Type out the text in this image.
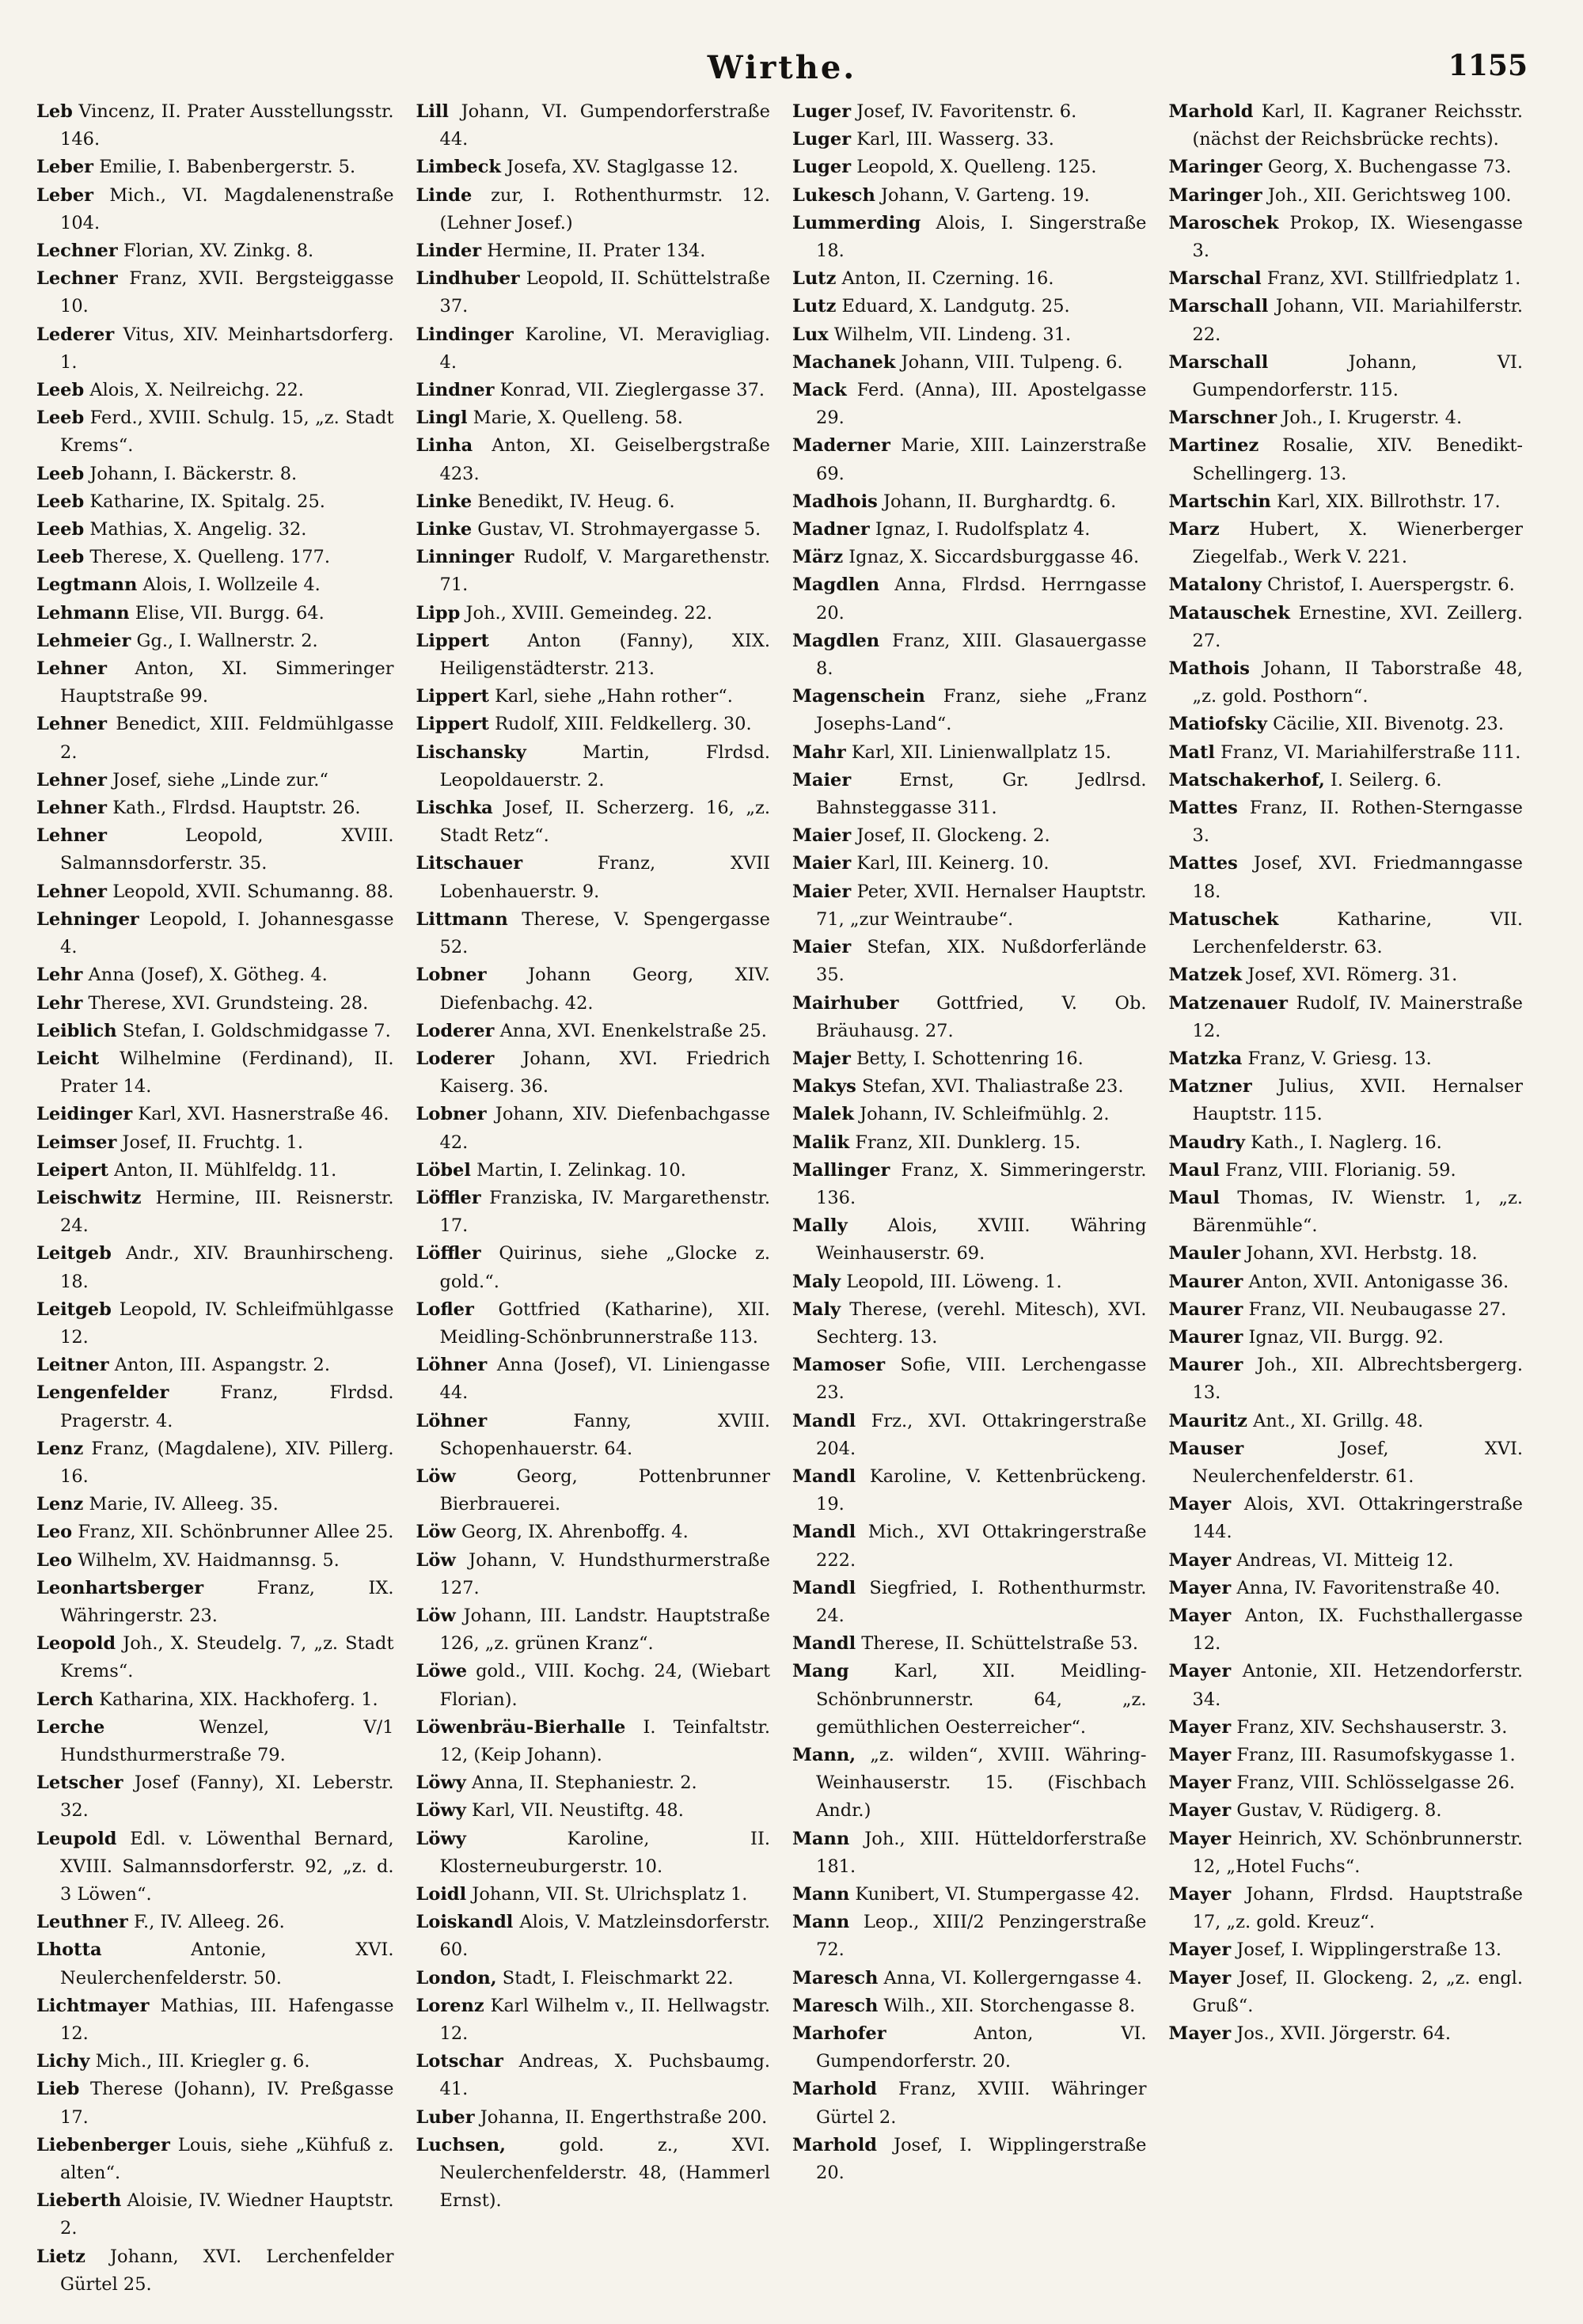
Wirthe.	1155

Leb Vincenz, II. Prater Ausstellungsstr. 146.

Leber Emilie, I. Babenbergerstr. 5.

Leber Mich., VI. Magdalenenstraße 104.

Lechner Florian, XV. Zinkg. 8.

Lechner Franz, XVII. Bergsteiggasse 10.

Lederer Vitus, XIV. Meinhartsdorferg. 1.

Leeb Alois, X. Neilreichg. 22.

Leeb Ferd., XVIII. Schulg. 15, „z. Stadt Krems“.

Leeb Johann, I. Bäckerstr. 8.

Leeb Katharine, IX. Spitalg. 25.

Leeb Mathias, X. Angelig. 32.

Leeb Therese, X. Quelleng. 177.

Legtmann Alois, I. Wollzeile 4.

Lehmann Elise, VII. Burgg. 64.

Lehmeier Gg., I. Wallnerstr. 2.

Lehner Anton, XI. Simmeringer Hauptstraße 99.

Lehner Benedict, XIII. Feldmühlgasse 2.

Lehner Josef, siehe „Linde zur.“

Lehner Kath., Flrdsd. Hauptstr. 26.

Lehner	Leopold, XVIII. Salmannsdorferstr. 35.

Lehner Leopold, XVII. Schumanng. 88.

Lehninger Leopold, I. Johannesgasse 4.

Lehr Anna (Josef), X. Götheg. 4.

Lehr Therese, XVI. Grundsteing. 28.

Leiblich Stefan, I. Goldschmidgasse 7.

Leicht Wilhelmine (Ferdinand), II. Prater 14.

Leidinger Karl, XVI. Hasnerstraße 46.

Leimser Josef, II. Fruchtg. 1.

Leipert Anton, II. Mühlfeldg. 11.

Leischwitz Hermine, III. Reisnerstr. 24.

Leitgeb Andr., XIV. Braunhirscheng. 18.

Leitgeb Leopold, IV. Schleifmühlgasse 12.

Leitner Anton, III. Aspangstr. 2.

Lengenfelder	Franz, Flrdsd. Pragerstr. 4.

Lenz Franz, (Magdalene), XIV. Pillerg. 16.

Lenz Marie, IV. Alleeg. 35.

Leo Franz, XII. Schönbrunner Allee 25.

Leo Wilhelm, XV. Haidmannsg. 5.

Leonhartsberger	Franz, IX. Währingerstr. 23.

Leopold Joh., X. Steudelg. 7, „z. Stadt Krems“.

Lerch Katharina, XIX. Hackhoferg. 1.

Lerche	Wenzel, V/1 Hundsthurmerstraße 79.

Letscher Josef (Fanny), XI. Leberstr. 32.

Leupold Edl. v. Löwenthal Bernard, XVIII. Salmannsdorferstr. 92, „z. d. 3 Löwen“.

Leuthner F., IV. Alleeg. 26.

Lhotta	Antonie, XVI. Neulerchenfelderstr. 50.

Lichtmayer Mathias, III. Hafengasse 12.

Lichy Mich., III. Kriegler g. 6.

Lieb Therese (Johann), IV. Preßgasse 17.

Liebenberger Louis, siehe „Kühfuß z. alten“.

Lieberth Aloisie, IV. Wiedner Hauptstr. 2.

Lietz Johann, XVI. Lerchenfelder Gürtel 25.

Lill Johann, VI. Gumpendorferstraße 44.

Limbeck Josefa, XV. Staglgasse 12.

Linde zur, I. Rothenthurmstr. 12. (Lehner Josef.)

Linder Hermine, II. Prater 134.

Lindhuber Leopold, II. Schüttelstraße 37.

Lindinger Karoline, VI. Meravigliag. 4.

Lindner Konrad, VII. Zieglergasse 37.

Lingl Marie, X. Quelleng. 58.

Linha Anton, XI. Geiselbergstraße 423.

Linke Benedikt, IV. Heug. 6.

Linke Gustav, VI. Strohmayergasse 5.

Linninger Rudolf, V. Margarethenstr. 71.

Lipp Joh., XVIII. Gemeindeg. 22.

Lippert Anton (Fanny), XIX. Heiligenstädterstr. 213.

Lippert Karl, siehe „Hahn rother“.

Lippert Rudolf, XIII. Feldkellerg. 30.

Lischansky	Martin, Flrdsd. Leopoldauerstr. 2.

Lischka Josef, II. Scherzerg. 16, „z. Stadt Retz“.

Litschauer	Franz, XVII Lobenhauerstr. 9.

Littmann Therese, V. Spengergasse 52.

Lobner Johann Georg, XIV. Diefenbachg. 42.

Loderer Anna, XVI. Enenkelstraße 25.

Loderer Johann, XVI. Friedrich Kaiserg. 36.

Lobner Johann, XIV. Diefenbachgasse 42.

Löbel Martin, I. Zelinkag. 10.

Löffler Franziska, IV. Margarethenstr. 17.

Löffler Quirinus, siehe „Glocke z. gold.“.

Lofler Gottfried (Katharine), XII. Meidling-Schönbrunnerstraße 113.

Löhner Anna (Josef), VI. Liniengasse 44.

Löhner	Fanny, XVIII. Schopenhauerstr. 64.

Löw	Georg, Pottenbrunner Bierbrauerei.

Löw Georg, IX. Ahrenboffg. 4.

Löw Johann, V. Hundsthurmerstraße 127.

Löw Johann, III. Landstr. Hauptstraße 126, „z. grünen Kranz“.

Löwe gold., VIII. Kochg. 24, (Wiebart Florian).

Löwenbräu-Bierhalle I. Teinfaltstr. 12, (Keip Johann).

Löwy Anna, II. Stephaniestr. 2.

Löwy Karl, VII. Neustiftg. 48.

Löwy	Karoline, II. Klosterneuburgerstr. 10.

Loidl Johann, VII. St. Ulrichsplatz 1.

Loiskandl Alois, V. Matzleinsdorferstr. 60.

London, Stadt, I. Fleischmarkt 22.

Lorenz Karl Wilhelm v., II. Hellwagstr. 12.

Lotschar Andreas, X. Puchsbaumg. 41.

Luber Johanna, II. Engerthstraße 200.

Luchsen,	gold. z., XVI. Neulerchenfelderstr. 48, (Hammerl Ernst).

Luger Josef, IV. Favoritenstr. 6.

Luger Karl, III. Wasserg. 33.

Luger Leopold, X. Quelleng. 125.

Lukesch Johann, V. Garteng. 19.

Lummerding Alois, I. Singerstraße 18.

Lutz Anton, II. Czerning. 16.

Lutz Eduard, X. Landgutg. 25.

Lux Wilhelm, VII. Lindeng. 31.

Machanek Johann, VIII. Tulpeng. 6.

Mack Ferd. (Anna), III. Apostelgasse 29.

Maderner Marie, XIII. Lainzerstraße 69.

Madhois Johann, II. Burghardtg. 6.

Madner Ignaz, I. Rudolfsplatz 4.

März Ignaz, X. Siccardsburggasse 46.

Magdlen Anna, Flrdsd. Herrngasse 20.

Magdlen Franz, XIII. Glasauergasse 8.

Magenschein Franz, siehe „Franz Josephs-Land“.

Mahr Karl, XII. Linienwallplatz 15.

Maier	Ernst, Gr. Jedlrsd. Bahnsteggasse 311.

Maier Josef, II. Glockeng. 2.

Maier Karl, III. Keinerg. 10.

Maier Peter, XVII. Hernalser Hauptstr. 71, „zur Weintraube“.

Maier Stefan, XIX. Nußdorferlände 35.

Mairhuber Gottfried, V. Ob. Bräuhausg. 27.

Majer Betty, I. Schottenring 16.

Makys Stefan, XVI. Thaliastraße 23.

Malek Johann, IV. Schleifmühlg. 2.

Malik Franz, XII. Dunklerg. 15.

Mallinger Franz, X. Simmeringerstr. 136.

Mally Alois, XVIII. Währing Weinhauserstr. 69.

Maly Leopold, III. Löweng. 1.

Maly Therese, (verehl. Mitesch), XVI. Sechterg. 13.

Mamoser Sofie, VIII. Lerchengasse 23.

Mandl Frz., XVI. Ottakringerstraße 204.

Mandl Karoline, V. Kettenbrückeng. 19.

Mandl Mich., XVI Ottakringerstraße 222.

Mandl Siegfried, I. Rothenthurmstr. 24.

Mandl Therese, II. Schüttelstraße 53.

Mang	Karl, XII. Meidling-Schönbrunnerstr. 64, „z. gemüthlichen Oesterreicher“.

Mann, „z. wilden“, XVIII. Währing-Weinhauserstr. 15. (Fischbach Andr.)

Mann Joh., XIII. Hütteldorferstraße 181.

Mann Kunibert, VI. Stumpergasse 42.

Mann Leop., XIII/2 Penzingerstraße 72.

Maresch Anna, VI. Kollergerngasse 4.

Maresch Wilh., XII. Storchengasse 8.

Marhofer	Anton, VI. Gumpendorferstr. 20.

Marhold Franz, XVIII. Währinger Gürtel 2.

Marhold Josef, I. Wipplingerstraße 20.

Marhold Karl, II. Kagraner Reichsstr. (nächst der Reichsbrücke rechts).

Maringer Georg, X. Buchengasse 73.

Maringer Joh., XII. Gerichtsweg 100.

Maroschek Prokop, IX. Wiesengasse 3.

Marschal Franz, XVI. Stillfriedplatz 1.

Marschall Johann, VII. Mariahilferstr. 22.

Marschall	Johann, VI. Gumpendorferstr. 115.

Marschner Joh., I. Krugerstr. 4.

Martinez Rosalie, XIV. Benedikt-Schellingerg. 13.

Martschin Karl, XIX. Billrothstr. 17.

Marz Hubert, X. Wienerberger Ziegelfab., Werk V. 221.

Matalony Christof, I. Auerspergstr. 6.

Matauschek Ernestine, XVI. Zeillerg. 27.

Mathois Johann, II Taborstraße 48, „z. gold. Posthorn“.

Matiofsky Cäcilie, XII. Bivenotg. 23.

Matl Franz, VI. Mariahilferstraße 111.

Matschakerhof, I. Seilerg. 6.

Mattes Franz, II. Rothen-Sterngasse 3.

Mattes Josef, XVI. Friedmanngasse 18.

Matuschek	Katharine, VII. Lerchenfelderstr. 63.

Matzek Josef, XVI. Römerg. 31.

Matzenauer Rudolf, IV. Mainerstraße 12.

Matzka Franz, V. Griesg. 13.

Matzner Julius, XVII. Hernalser Hauptstr. 115.

Maudry Kath., I. Naglerg. 16.

Maul Franz, VIII. Florianig. 59.

Maul Thomas, IV. Wienstr. 1, „z. Bärenmühle“.

Mauler Johann, XVI. Herbstg. 18.

Maurer Anton, XVII. Antonigasse 36.

Maurer Franz, VII. Neubaugasse 27.

Maurer Ignaz, VII. Burgg. 92.

Maurer Joh., XII. Albrechtsbergerg. 13.

Mauritz Ant., XI. Grillg. 48.

Mauser	Josef, XVI. Neulerchenfelderstr. 61.

Mayer Alois, XVI. Ottakringerstraße 144.

Mayer Andreas, VI. Mitteig 12.

Mayer Anna, IV. Favoritenstraße 40.

Mayer Anton, IX. Fuchsthallergasse 12.

Mayer Antonie, XII. Hetzendorferstr. 34.

Mayer Franz, XIV. Sechshauserstr. 3.

Mayer Franz, III. Rasumofskygasse 1.

Mayer Franz, VIII. Schlösselgasse 26.

Mayer Gustav, V. Rüdigerg. 8.

Mayer Heinrich, XV. Schönbrunnerstr. 12, „Hotel Fuchs“.

Mayer Johann, Flrdsd. Hauptstraße 17, „z. gold. Kreuz“.

Mayer Josef, I. Wipplingerstraße 13.

Mayer Josef, II. Glockeng. 2, „z. engl. Gruß“.

Mayer Jos., XVII. Jörgerstr. 64.
